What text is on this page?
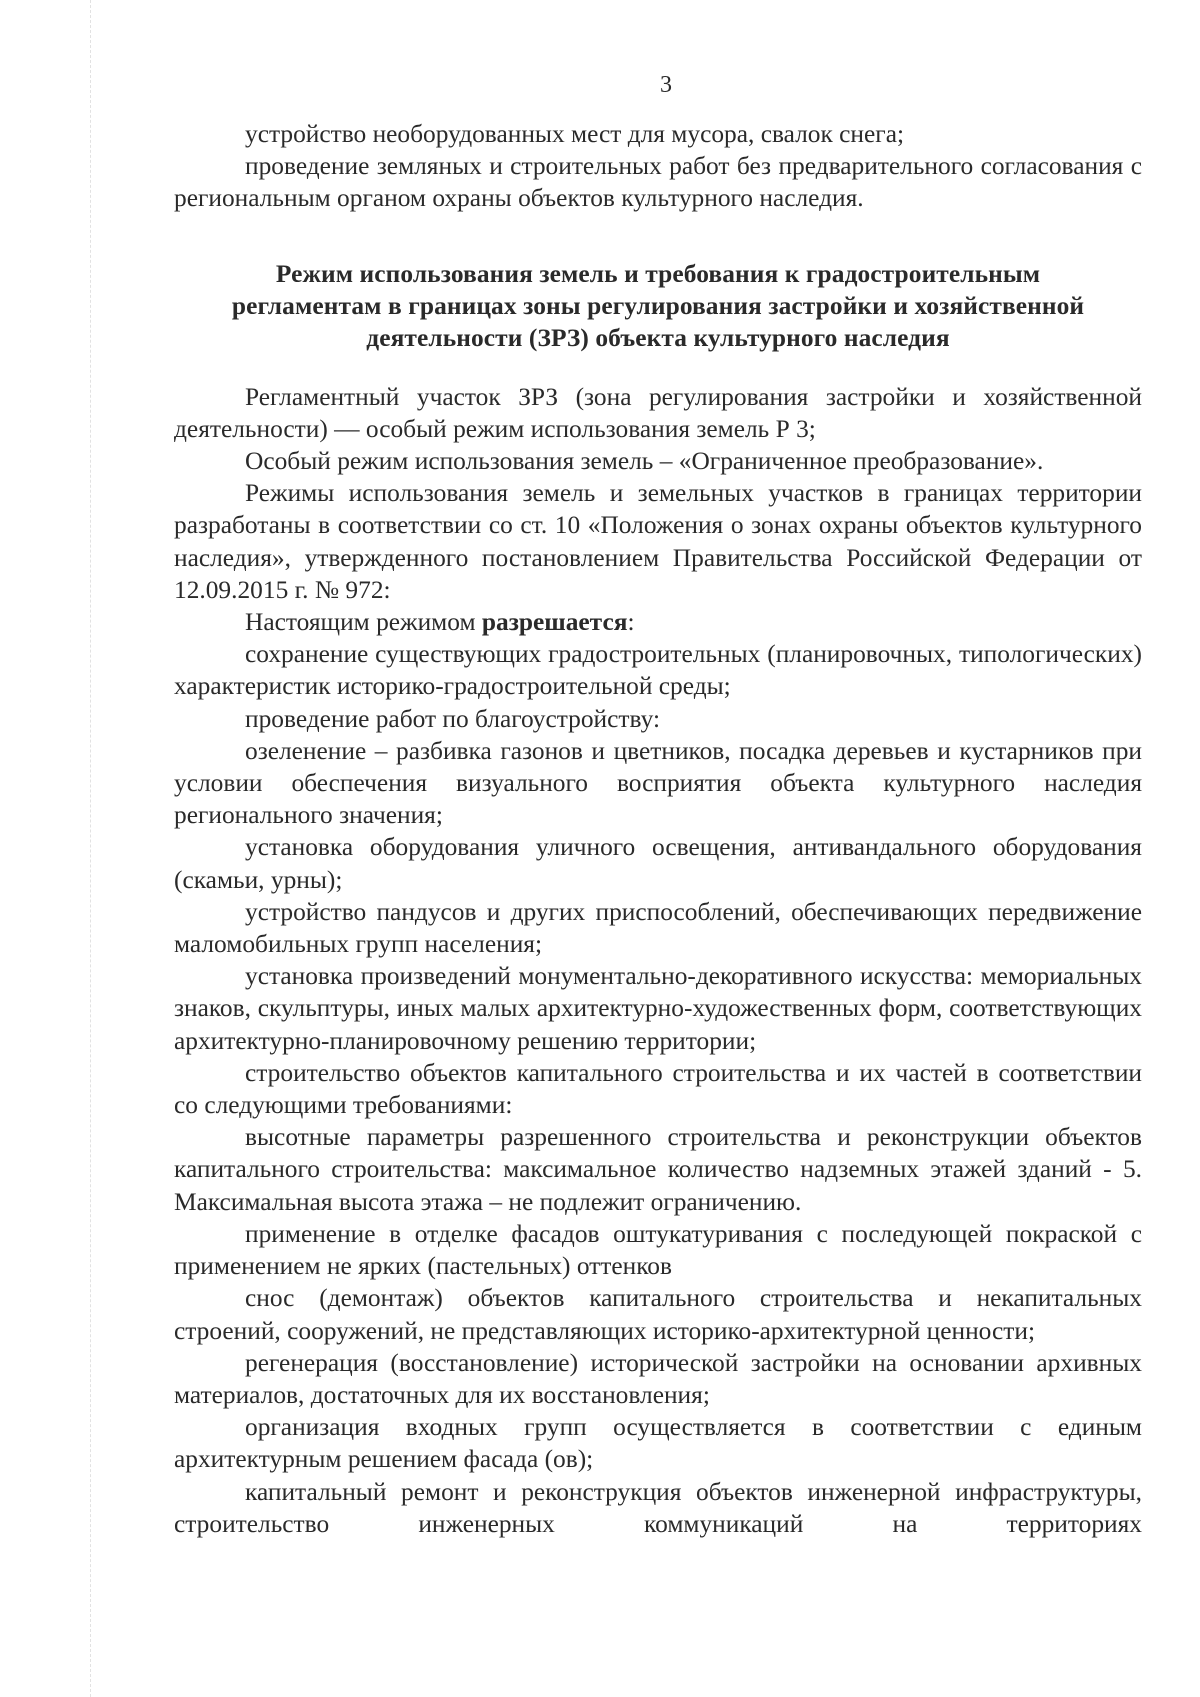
3

устройство необорудованных мест для мусора, свалок снега;

проведение земляных и строительных работ без предварительного согласования с региональным органом охраны объектов культурного наследия.

Режим использования земель и требования к градостроительным
регламентам в границах зоны регулирования застройки и хозяйственной
деятельности (ЗРЗ) объекта культурного наследия

Регламентный участок ЗРЗ (зона регулирования застройки и хозяйственной деятельности) — особый режим использования земель Р 3;

Особый режим использования земель – «Ограниченное преобразование».

Режимы использования земель и земельных участков в границах территории разработаны в соответствии со ст. 10 «Положения о зонах охраны объектов культурного наследия», утвержденного постановлением Правительства Российской Федерации от 12.09.2015 г. № 972:

Настоящим режимом разрешается:

сохранение существующих градостроительных (планировочных, типологических) характеристик историко-градостроительной среды;

проведение работ по благоустройству:

озеленение – разбивка газонов и цветников, посадка деревьев и кустарников при условии обеспечения визуального восприятия объекта культурного наследия регионального значения;

установка оборудования уличного освещения, антивандального оборудования (скамьи, урны);

устройство пандусов и других приспособлений, обеспечивающих передвижение маломобильных групп населения;

установка произведений монументально-декоративного искусства: мемориальных знаков, скульптуры, иных малых архитектурно-художественных форм, соответствующих архитектурно-планировочному решению территории;

строительство объектов капитального строительства и их частей в соответствии со следующими требованиями:

высотные параметры разрешенного строительства и реконструкции объектов капитального строительства: максимальное количество надземных этажей зданий - 5. Максимальная высота этажа – не подлежит ограничению.

применение в отделке фасадов оштукатуривания с последующей покраской с применением не ярких (пастельных) оттенков

снос (демонтаж) объектов капитального строительства и некапитальных строений, сооружений, не представляющих историко-архитектурной ценности;

регенерация (восстановление) исторической застройки на основании архивных материалов, достаточных для их восстановления;

организация входных групп осуществляется в соответствии с единым архитектурным решением фасада (ов);

капитальный ремонт и реконструкция объектов инженерной инфраструктуры, строительство инженерных коммуникаций на территориях
